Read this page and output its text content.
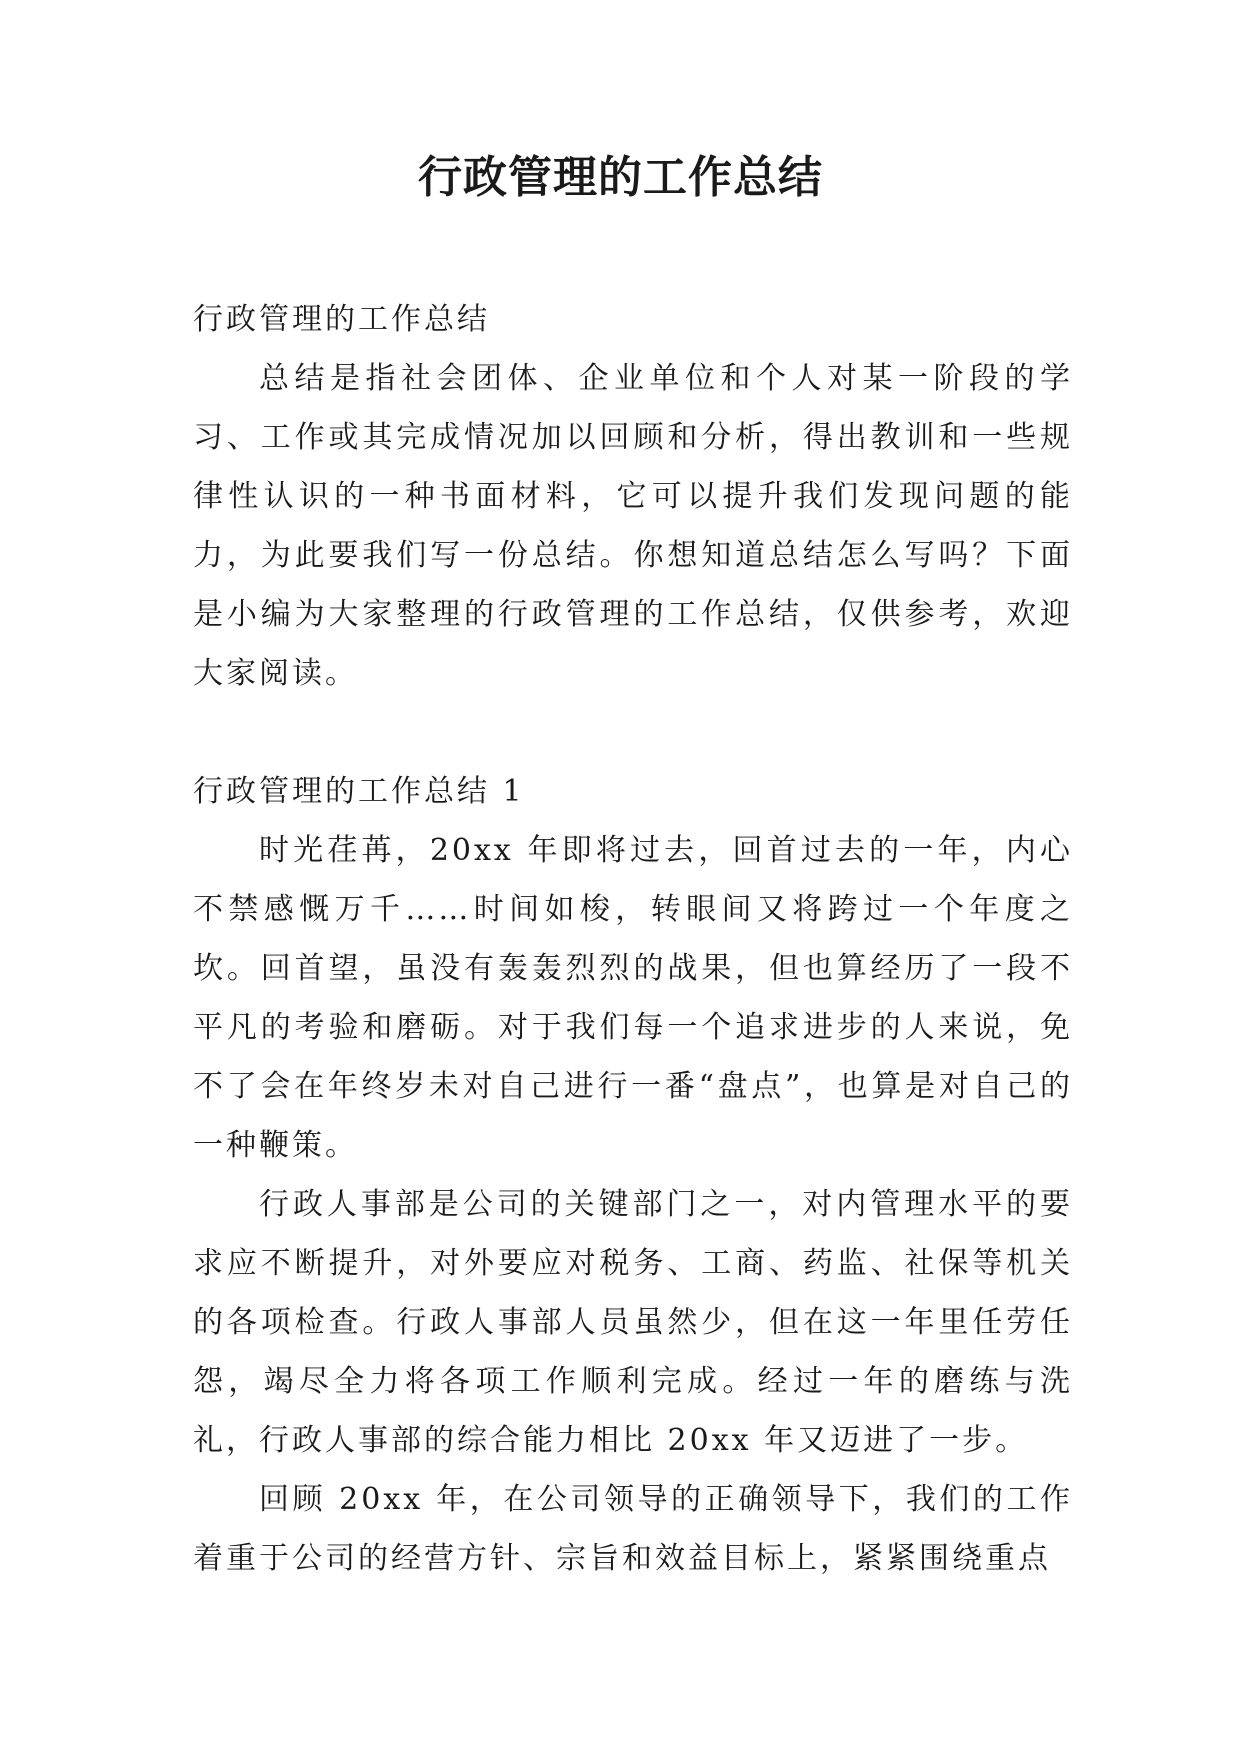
行政管理的工作总结

行政管理的工作总结

总结是指社会团体、企业单位和个人对某一阶段的学习、工作或其完成情况加以回顾和分析，得出教训和一些规律性认识的一种书面材料，它可以提升我们发现问题的能力，为此要我们写一份总结。你想知道总结怎么写吗？下面是小编为大家整理的行政管理的工作总结，仅供参考，欢迎大家阅读。

行政管理的工作总结 1

时光荏苒，20xx 年即将过去，回首过去的一年，内心不禁感慨万千……时间如梭，转眼间又将跨过一个年度之坎。回首望，虽没有轰轰烈烈的战果，但也算经历了一段不平凡的考验和磨砺。对于我们每一个追求进步的人来说，免不了会在年终岁未对自己进行一番“盘点”，也算是对自己的一种鞭策。

行政人事部是公司的关键部门之一，对内管理水平的要求应不断提升，对外要应对税务、工商、药监、社保等机关的各项检查。行政人事部人员虽然少，但在这一年里任劳任怨，竭尽全力将各项工作顺利完成。经过一年的磨练与洗礼，行政人事部的综合能力相比 20xx 年又迈进了一步。

回顾 20xx 年，在公司领导的正确领导下，我们的工作着重于公司的经营方针、宗旨和效益目标上，紧紧围绕重点
